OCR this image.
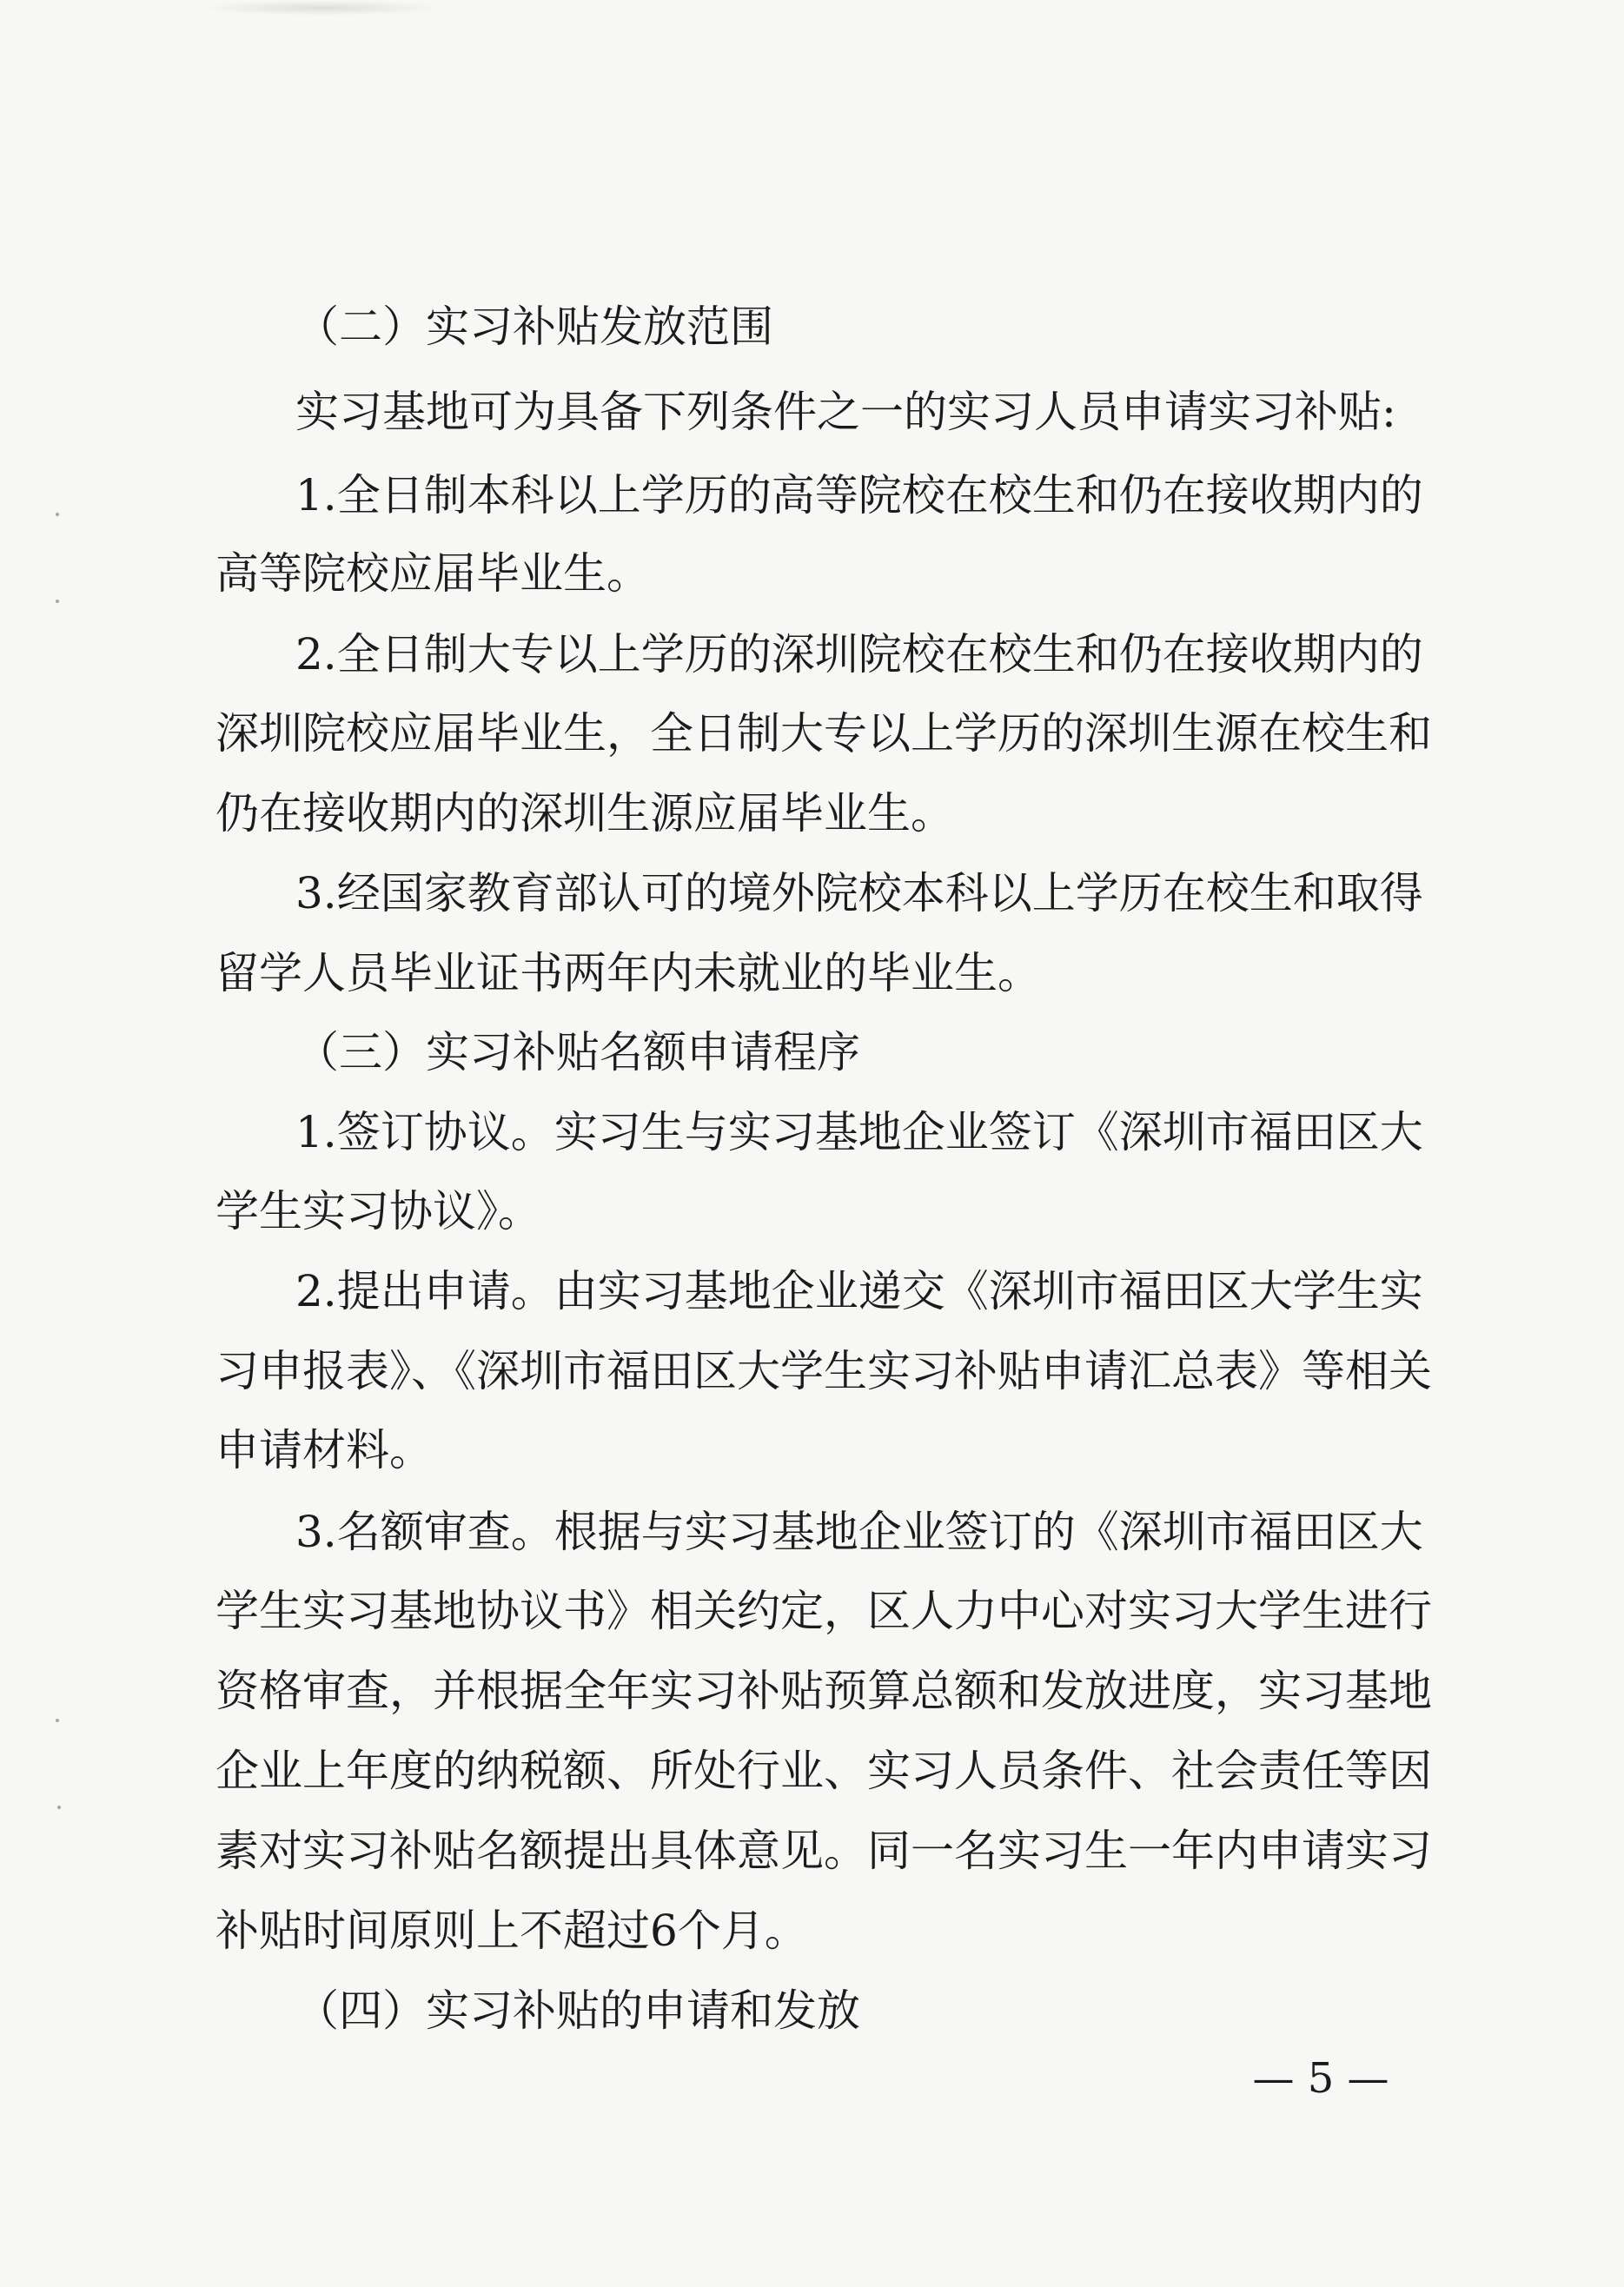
（二）实习补贴发放范围
实习基地可为具备下列条件之一的实习人员申请实习补贴:
1.全日制本科以上学历的高等院校在校生和仍在接收期内的
高等院校应届毕业生。
2.全日制大专以上学历的深圳院校在校生和仍在接收期内的
深圳院校应届毕业生，全日制大专以上学历的深圳生源在校生和
仍在接收期内的深圳生源应届毕业生。
3.经国家教育部认可的境外院校本科以上学历在校生和取得
留学人员毕业证书两年内未就业的毕业生。
（三）实习补贴名额申请程序
1.签订协议。实习生与实习基地企业签订《深圳市福田区大
学生实习协议》。
2.提出申请。由实习基地企业递交《深圳市福田区大学生实
习申报表》、《深圳市福田区大学生实习补贴申请汇总表》等相关
申请材料。
3.名额审查。根据与实习基地企业签订的《深圳市福田区大
学生实习基地协议书》相关约定，区人力中心对实习大学生进行
资格审查，并根据全年实习补贴预算总额和发放进度，实习基地
企业上年度的纳税额、所处行业、实习人员条件、社会责任等因
素对实习补贴名额提出具体意见。同一名实习生一年内申请实习
补贴时间原则上不超过6个月。
（四）实习补贴的申请和发放
— 5 —
